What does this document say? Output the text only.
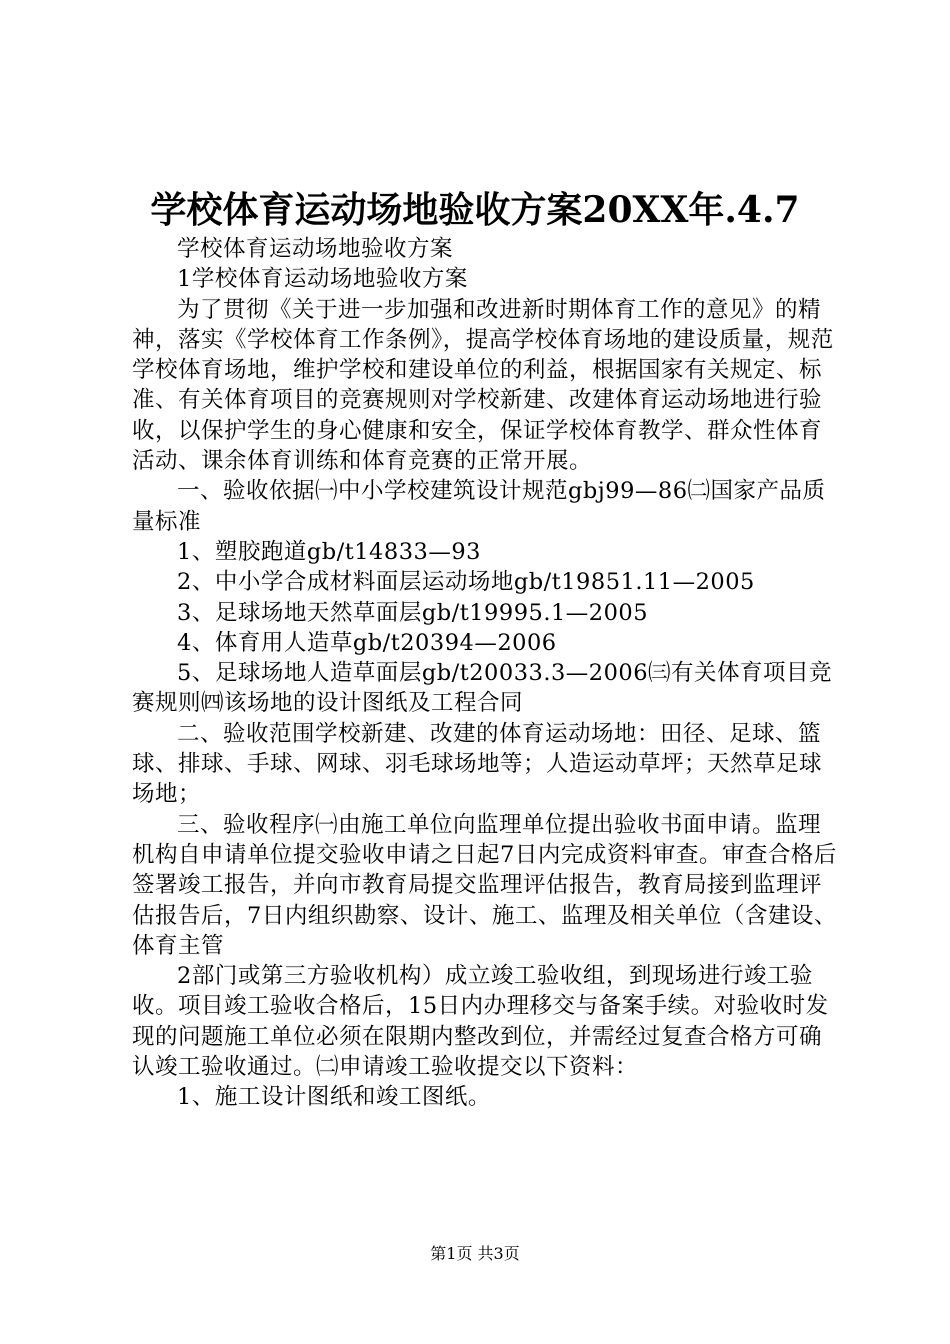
学校体育运动场地验收方案20XX年.4.7

学校体育运动场地验收方案

1学校体育运动场地验收方案

为了贯彻《关于进一步加强和改进新时期体育工作的意见》的精神，落实《学校体育工作条例》，提高学校体育场地的建设质量，规范学校体育场地，维护学校和建设单位的利益，根据国家有关规定、标准、有关体育项目的竞赛规则对学校新建、改建体育运动场地进行验收，以保护学生的身心健康和安全，保证学校体育教学、群众性体育活动、课余体育训练和体育竞赛的正常开展。

一、验收依据㈠中小学校建筑设计规范gbj99—86㈡国家产品质量标准

1、塑胶跑道gb/t14833—93

2、中小学合成材料面层运动场地gb/t19851.11—2005

3、足球场地天然草面层gb/t19995.1—2005

4、体育用人造草gb/t20394—2006

5、足球场地人造草面层gb/t20033.3—2006㈢有关体育项目竞赛规则㈣该场地的设计图纸及工程合同

二、验收范围学校新建、改建的体育运动场地：田径、足球、篮球、排球、手球、网球、羽毛球场地等；人造运动草坪；天然草足球场地；

三、验收程序㈠由施工单位向监理单位提出验收书面申请。监理机构自申请单位提交验收申请之日起7日内完成资料审查。审查合格后签署竣工报告，并向市教育局提交监理评估报告，教育局接到监理评估报告后，7日内组织勘察、设计、施工、监理及相关单位（含建设、体育主管

2部门或第三方验收机构）成立竣工验收组，到现场进行竣工验收。项目竣工验收合格后，15日内办理移交与备案手续。对验收时发现的问题施工单位必须在限期内整改到位，并需经过复查合格方可确认竣工验收通过。㈡申请竣工验收提交以下资料：

1、施工设计图纸和竣工图纸。

第1页 共3页
